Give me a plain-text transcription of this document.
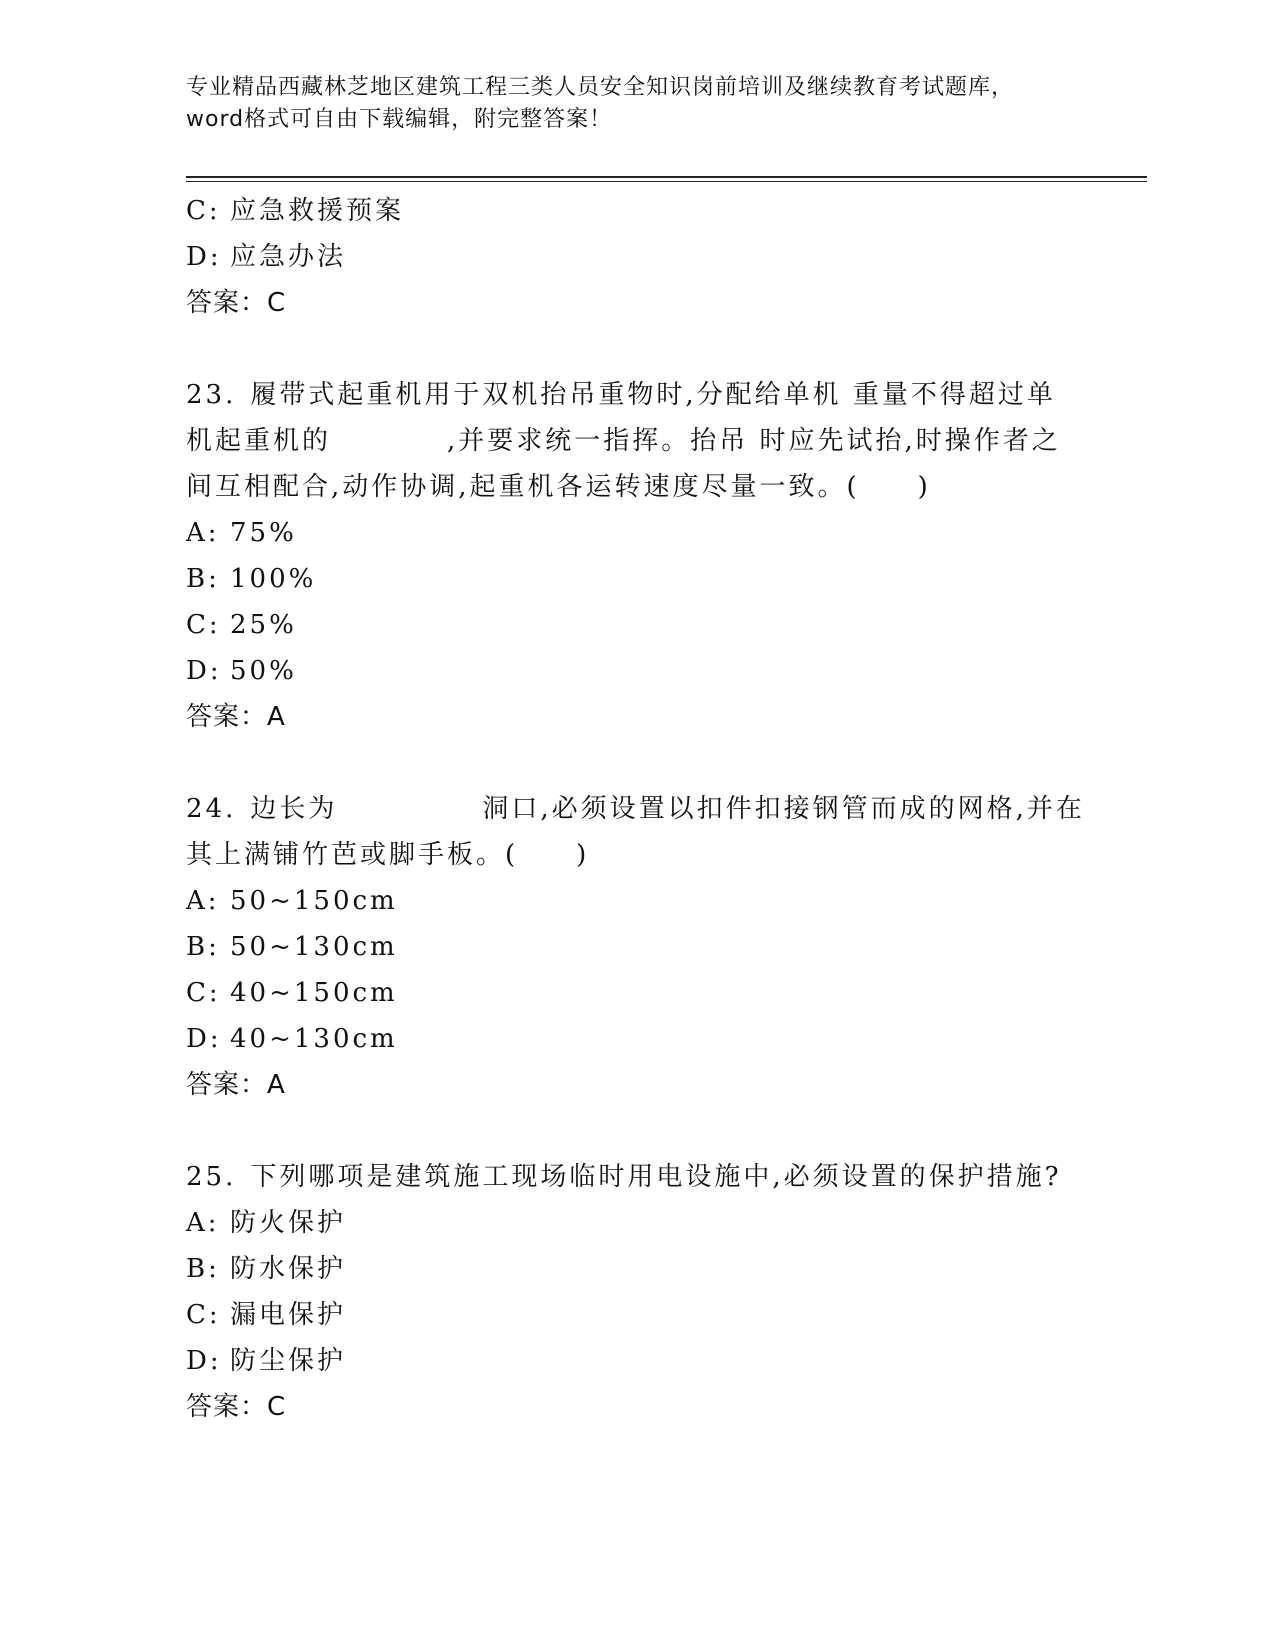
专业精品西藏林芝地区建筑工程三类人员安全知识岗前培训及继续教育考试题库，
word格式可自由下载编辑，附完整答案！
C: 应急救援预案
D: 应急办法
答案：C
23. 履带式起重机用于双机抬吊重物时,分配给单机 重量不得超过单
机起重机的　　　　,并要求统一指挥。抬吊 时应先试抬,时操作者之
间互相配合,动作协调,起重机各运转速度尽量一致。(　　)
A: 75%
B: 100%
C: 25%
D: 50%
答案：A
24. 边长为　　　　　洞口,必须设置以扣件扣接钢管而成的网格,并在
其上满铺竹芭或脚手板。(　　)
A: 50~150cm
B: 50~130cm
C: 40~150cm
D: 40~130cm
答案：A
25. 下列哪项是建筑施工现场临时用电设施中,必须设置的保护措施?
A: 防火保护
B: 防水保护
C: 漏电保护
D: 防尘保护
答案：C
